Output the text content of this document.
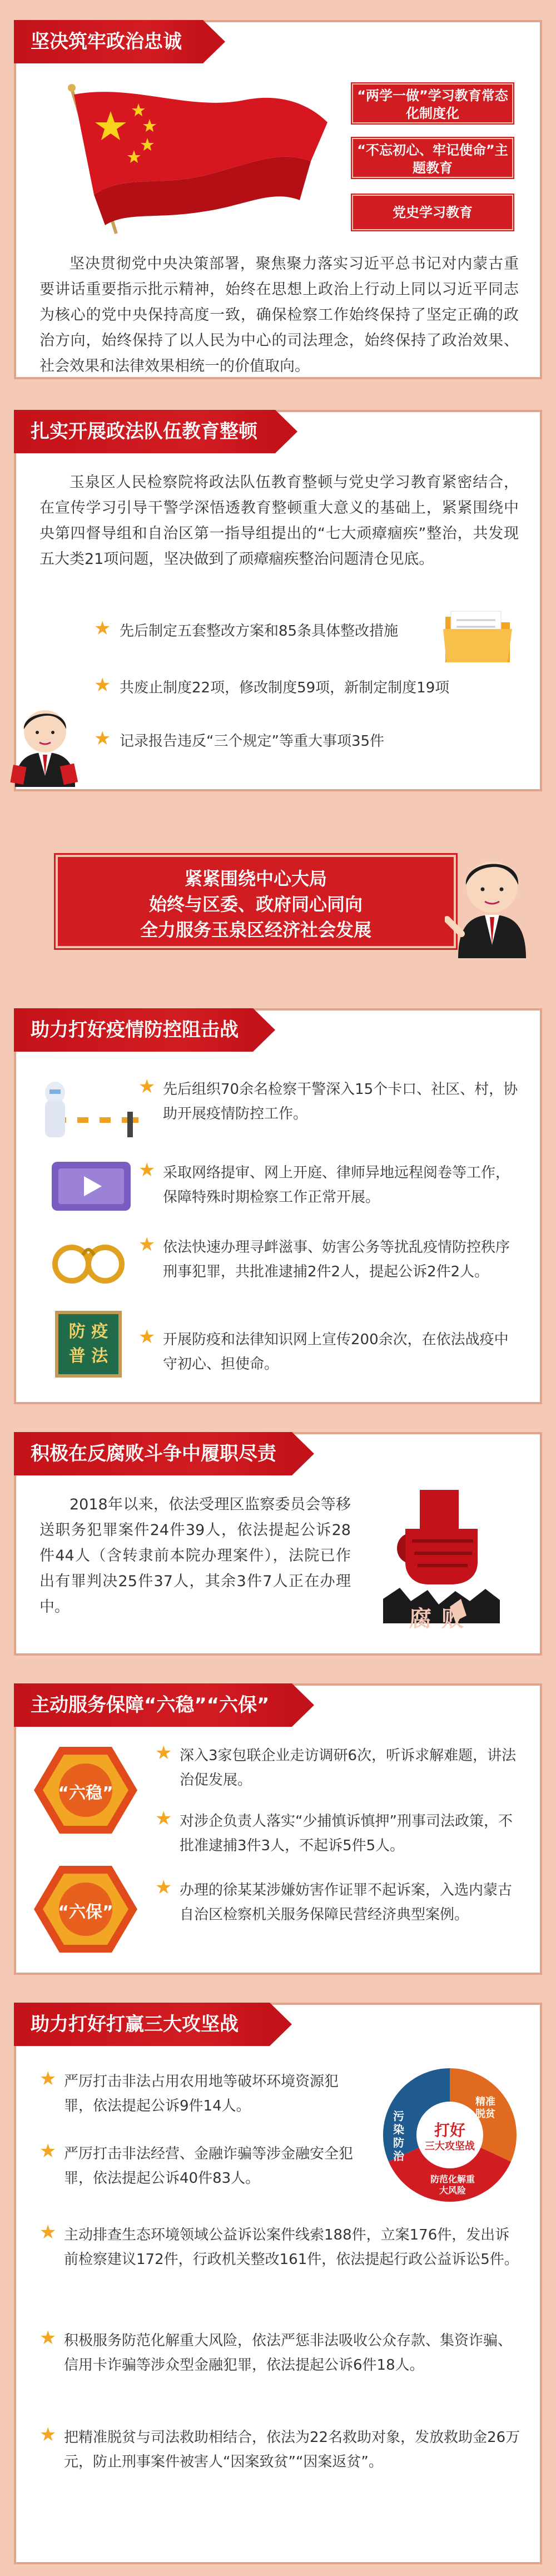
坚决筑牢政治忠诚
“两学一做”学习教育常态化制度化
“不忘初心、牢记使命”主题教育
党史学习教育

坚决贯彻党中央决策部署，聚焦聚力落实习近平总书记对内蒙古重要讲话重要指示批示精神，始终在思想上政治上行动上同以习近平同志为核心的党中央保持高度一致，确保检察工作始终保持了坚定正确的政治方向，始终保持了以人民为中心的司法理念，始终保持了政治效果、社会效果和法律效果相统一的价值取向。

扎实开展政法队伍教育整顿

玉泉区人民检察院将政法队伍教育整顿与党史学习教育紧密结合，在宣传学习引导干警学深悟透教育整顿重大意义的基础上，紧紧围绕中央第四督导组和自治区第一指导组提出的“七大顽瘴痼疾”整治，共发现五大类21项问题，坚决做到了顽瘴痼疾整治问题清仓见底。

★ 先后制定五套整改方案和85条具体整改措施
★ 共废止制度22项，修改制度59项，新制定制度19项
★ 记录报告违反“三个规定”等重大事项35件
紧紧围绕中心大局
始终与区委、政府同心同向
全力服务玉泉区经济社会发展
助力打好疫情防控阻击战
防 疫
普 法
★ 先后组织70余名检察干警深入15个卡口、社区、村，协助开展疫情防控工作。
★ 采取网络提审、网上开庭、律师异地远程阅卷等工作，保障特殊时期检察工作正常开展。
★ 依法快速办理寻衅滋事、妨害公务等扰乱疫情防控秩序刑事犯罪，共批准逮捕2件2人，提起公诉2件2人。
★ 开展防疫和法律知识网上宣传200余次，在依法战疫中守初心、担使命。
积极在反腐败斗争中履职尽责

2018年以来，依法受理区监察委员会等移送职务犯罪案件24件39人，依法提起公诉28件44人（含转隶前本院办理案件），法院已作出有罪判决25件37人，其余3件7人正在办理中。	腐败
主动服务保障“六稳”“六保”
“六稳”
“六保”
★ 深入3家包联企业走访调研6次，听诉求解难题，讲法治促发展。
★ 对涉企负责人落实“少捕慎诉慎押”刑事司法政策，不批准逮捕3件3人，不起诉5件5人。
★ 办理的徐某某涉嫌妨害作证罪不起诉案，入选内蒙古自治区检察机关服务保障民营经济典型案例。
助力打好打赢三大攻坚战
打好
三大攻坚战
精准脱贫
防范化解重大风险
污染防治
★ 严厉打击非法占用农用地等破坏环境资源犯罪，依法提起公诉9件14人。
★ 严厉打击非法经营、金融诈骗等涉金融安全犯罪，依法提起公诉40件83人。
★ 主动排查生态环境领域公益诉讼案件线索188件，立案176件，发出诉前检察建议172件，行政机关整改161件，依法提起行政公益诉讼5件。
★ 积极服务防范化解重大风险，依法严惩非法吸收公众存款、集资诈骗、信用卡诈骗等涉众型金融犯罪，依法提起公诉6件18人。
★ 把精准脱贫与司法救助相结合，依法为22名救助对象，发放救助金26万元，防止刑事案件被害人“因案致贫”“因案返贫”。
